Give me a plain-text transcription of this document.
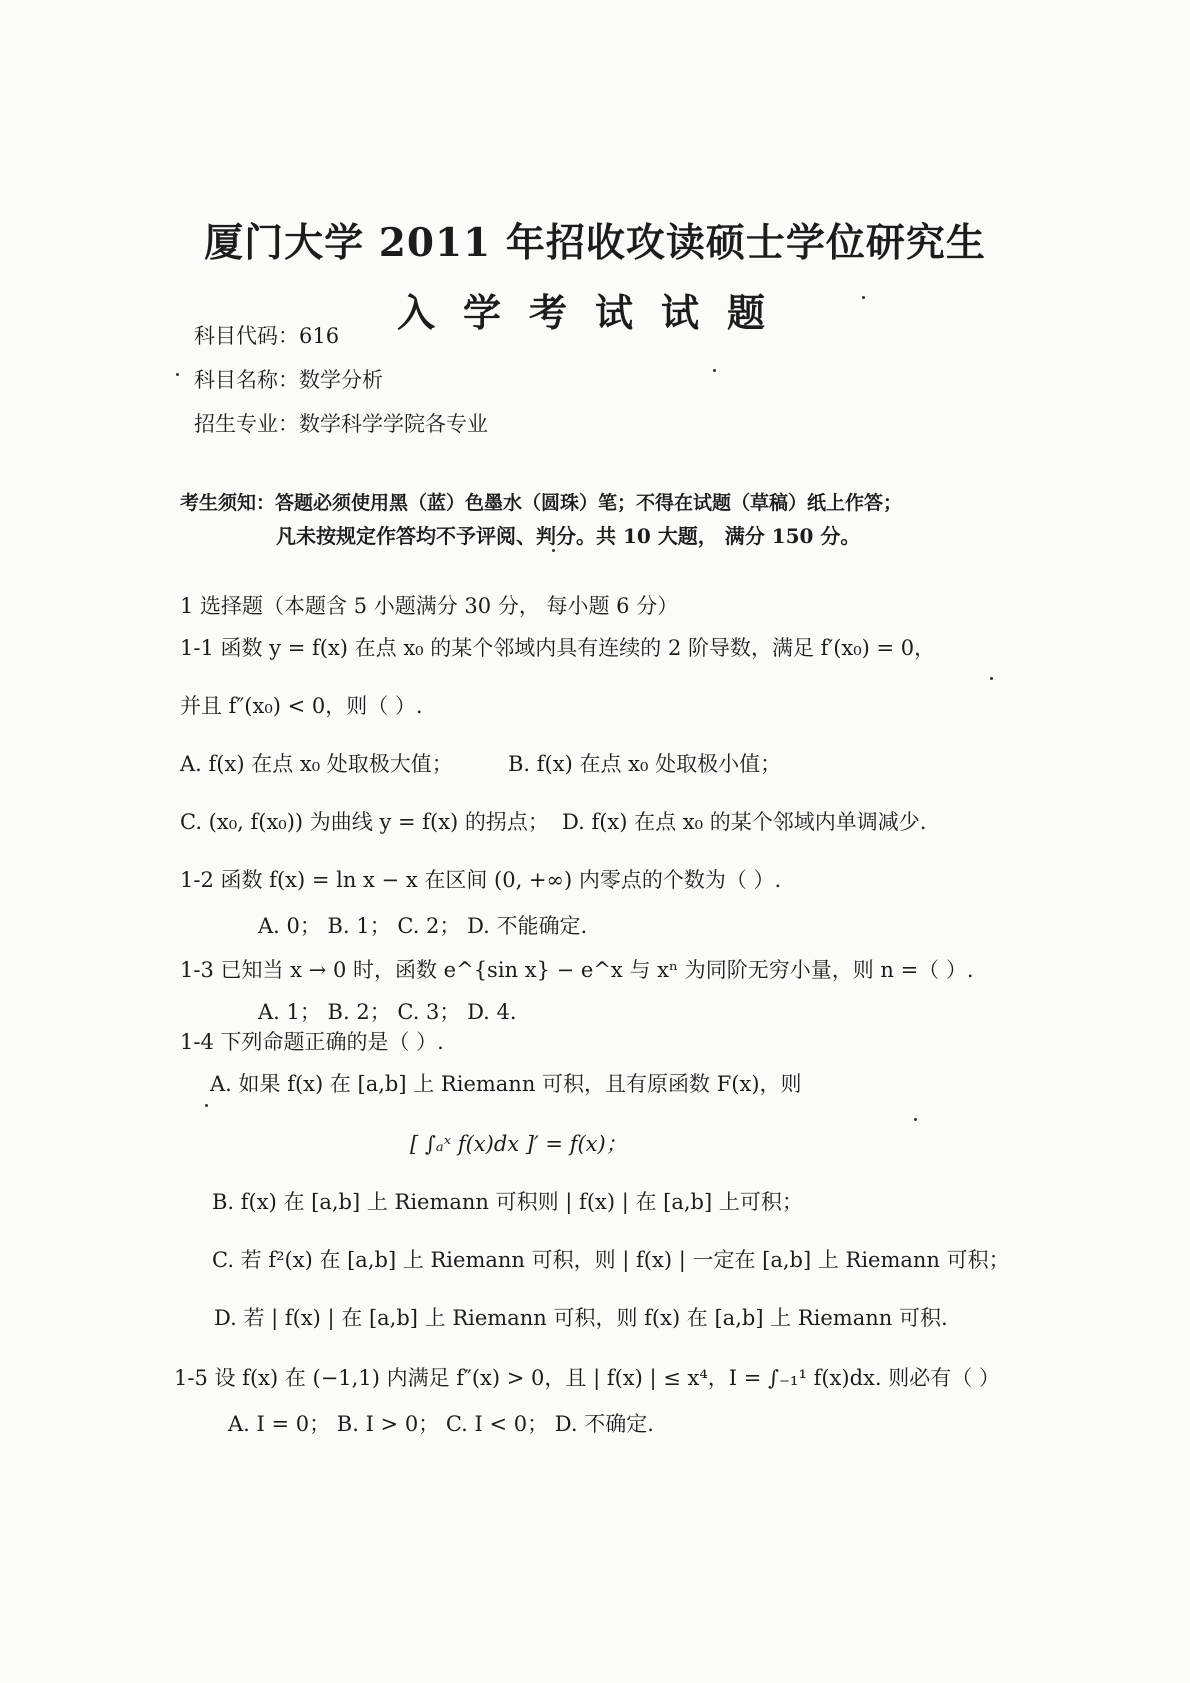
厦门大学 2011 年招收攻读硕士学位研究生
入学考试试题
科目代码：616
科目名称：数学分析
招生专业：数学科学学院各专业
考生须知：答题必须使用黑（蓝）色墨水（圆珠）笔；不得在试题（草稿）纸上作答；
凡未按规定作答均不予评阅、判分。共 10 大题， 满分 150 分。
1 选择题（本题含 5 小题满分 30 分， 每小题 6 分）
1-1 函数 y = f(x) 在点 x₀ 的某个邻域内具有连续的 2 阶导数，满足 f′(x₀) = 0，
并且 f″(x₀) < 0，则（ ）.
A. f(x) 在点 x₀ 处取极大值；	B. f(x) 在点 x₀ 处取极小值；
C. (x₀, f(x₀)) 为曲线 y = f(x) 的拐点； D. f(x) 在点 x₀ 的某个邻域内单调减少.
1-2 函数 f(x) = ln x − x 在区间 (0, +∞) 内零点的个数为（ ）.
A. 0； B. 1； C. 2； D. 不能确定.
1-3 已知当 x → 0 时，函数 e^{sin x} − e^x 与 xⁿ 为同阶无穷小量，则 n =（ ）.
A. 1； B. 2； C. 3； D. 4.
1-4 下列命题正确的是（ ）.
A. 如果 f(x) 在 [a,b] 上 Riemann 可积，且有原函数 F(x)，则
[ ∫ₐˣ f(x)dx ]′ = f(x)；
B. f(x) 在 [a,b] 上 Riemann 可积则 | f(x) | 在 [a,b] 上可积；
C. 若 f²(x) 在 [a,b] 上 Riemann 可积，则 | f(x) | 一定在 [a,b] 上 Riemann 可积；
D. 若 | f(x) | 在 [a,b] 上 Riemann 可积，则 f(x) 在 [a,b] 上 Riemann 可积.
1-5 设 f(x) 在 (−1,1) 内满足 f″(x) > 0，且 | f(x) | ≤ x⁴，I = ∫₋₁¹ f(x)dx. 则必有（ ）
A. I = 0； B. I > 0； C. I < 0； D. 不确定.
